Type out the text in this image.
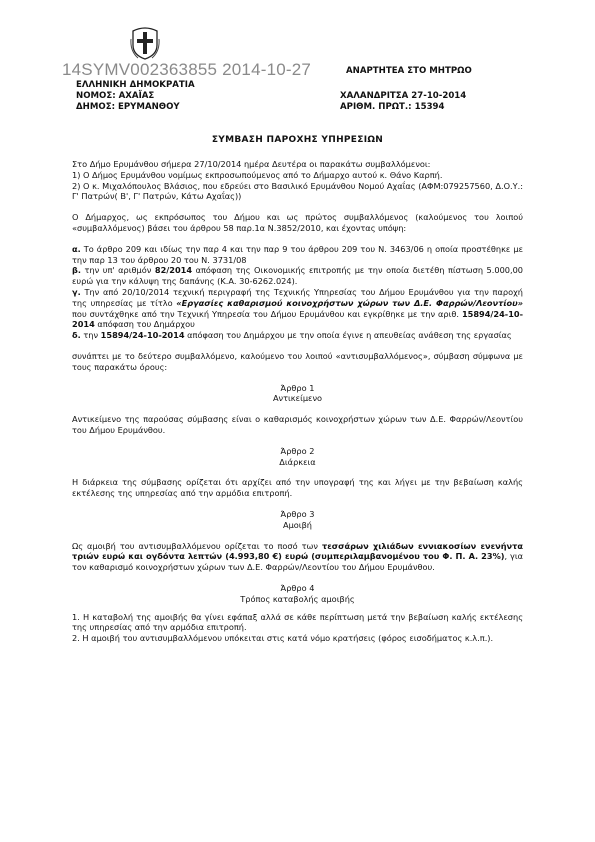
14SYMV002363855 2014-10-27
ΕΛΛΗΝΙΚΗ ΔΗΜΟΚΡΑΤΙΑ
ΝΟΜΟΣ: ΑΧΑΪΑΣ
ΔΗΜΟΣ: ΕΡΥΜΑΝΘΟΥ
ΑΝΑΡΤΗΤΕΑ ΣΤΟ ΜΗΤΡΩΟ
ΧΑΛΑΝΔΡΙΤΣΑ 27-10-2014
ΑΡΙΘΜ. ΠΡΩΤ.: 15394
ΣΥΜΒΑΣΗ ΠΑΡΟΧΗΣ ΥΠΗΡΕΣΙΩΝ

Στο Δήμο Ερυμάνθου σήμερα 27/10/2014 ημέρα Δευτέρα οι παρακάτω συμβαλλόμενοι:

1) Ο Δήμος Ερυμάνθου νομίμως εκπροσωπούμενος από το Δήμαρχο αυτού κ. Θάνο Καρπή.

2) Ο κ. Μιχαλόπουλος Βλάσιος, που εδρεύει στο Βασιλικό Ερυμάνθου Νομού Αχαΐας (ΑΦΜ:079257560, Δ.Ο.Υ.: Γ' Πατρών( Β', Γ' Πατρών, Κάτω Αχαΐας))

Ο Δήμαρχος, ως εκπρόσωπος του Δήμου και ως πρώτος συμβαλλόμενος (καλούμενος του λοιπού «συμβαλλόμενος) βάσει του άρθρου 58 παρ.1α Ν.3852/2010, και έχοντας υπόψη:

α. Το άρθρο 209 και ιδίως την παρ 4 και την παρ 9 του άρθρου 209 του Ν. 3463/06 η οποία προστέθηκε με την παρ 13 του άρθρου 20 του Ν. 3731/08

β. την υπ' αριθμόν 82/2014 απόφαση της Οικονομικής επιτροπής με την οποία διετέθη πίστωση 5.000,00 ευρώ για την κάλυψη της δαπάνης (Κ.Α. 30-6262.024).

γ. Την από 20/10/2014 τεχνική περιγραφή της Τεχνικής Υπηρεσίας του Δήμου Ερυμάνθου για την παροχή της υπηρεσίας με τίτλο «Εργασίες καθαρισμού κοινοχρήστων χώρων των Δ.Ε. Φαρρών/Λεοντίου» που συντάχθηκε από την Τεχνική Υπηρεσία του Δήμου Ερυμάνθου και εγκρίθηκε με την αριθ. 15894/24-10-2014 απόφαση του Δημάρχου

δ. την 15894/24-10-2014 απόφαση του Δημάρχου με την οποία έγινε η απευθείας ανάθεση της εργασίας

συνάπτει με το δεύτερο συμβαλλόμενο, καλούμενο του λοιπού «αντισυμβαλλόμενος», σύμβαση σύμφωνα με τους παρακάτω όρους:

Άρθρο 1

Αντικείμενο

Αντικείμενο της παρούσας σύμβασης είναι ο καθαρισμός κοινοχρήστων χώρων των Δ.Ε. Φαρρών/Λεοντίου του Δήμου Ερυμάνθου.

Άρθρο 2

Διάρκεια

Η διάρκεια της σύμβασης ορίζεται ότι αρχίζει από την υπογραφή της και λήγει με την βεβαίωση καλής εκτέλεσης της υπηρεσίας από την αρμόδια επιτροπή.

Άρθρο 3

Αμοιβή

Ως αμοιβή του αντισυμβαλλόμενου ορίζεται το ποσό των τεσσάρων χιλιάδων εννιακοσίων ενενήντα τριών ευρώ και ογδόντα λεπτών (4.993,80 €) ευρώ (συμπεριλαμβανομένου του Φ. Π. Α. 23%), για τον καθαρισμό κοινοχρήστων χώρων των Δ.Ε. Φαρρών/Λεοντίου του Δήμου Ερυμάνθου.

Άρθρο 4

Τρόπος καταβολής αμοιβής

1. Η καταβολή της αμοιβής θα γίνει εφάπαξ αλλά σε κάθε περίπτωση μετά την βεβαίωση καλής εκτέλεσης της υπηρεσίας από την αρμόδια επιτροπή.

2. Η αμοιβή του αντισυμβαλλόμενου υπόκειται στις κατά νόμο κρατήσεις (φόρος εισοδήματος κ.λ.π.).
